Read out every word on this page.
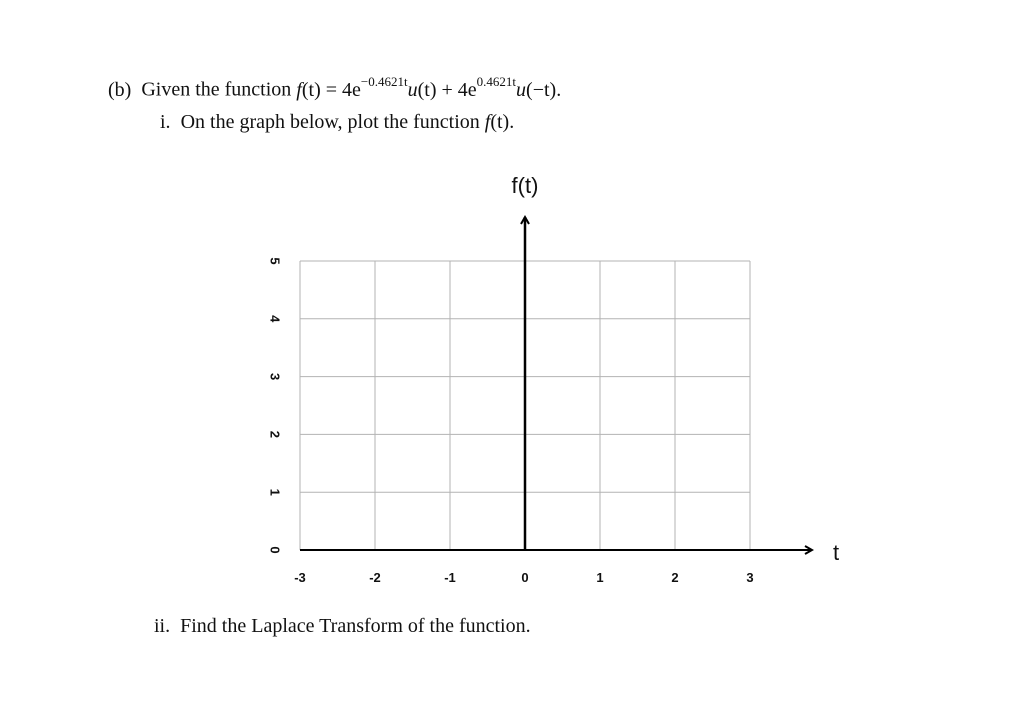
(b) Given the function $f(t) = 4e^{-0.4621t}u(t) + 4e^{0.4621t}u(-t)$.
i. On the graph below, plot the function f(t).
0
1
2
3
4
5
-3	-2	-1	0	1	2	3
f(t)
t
ii. Find the Laplace Transform of the function.
